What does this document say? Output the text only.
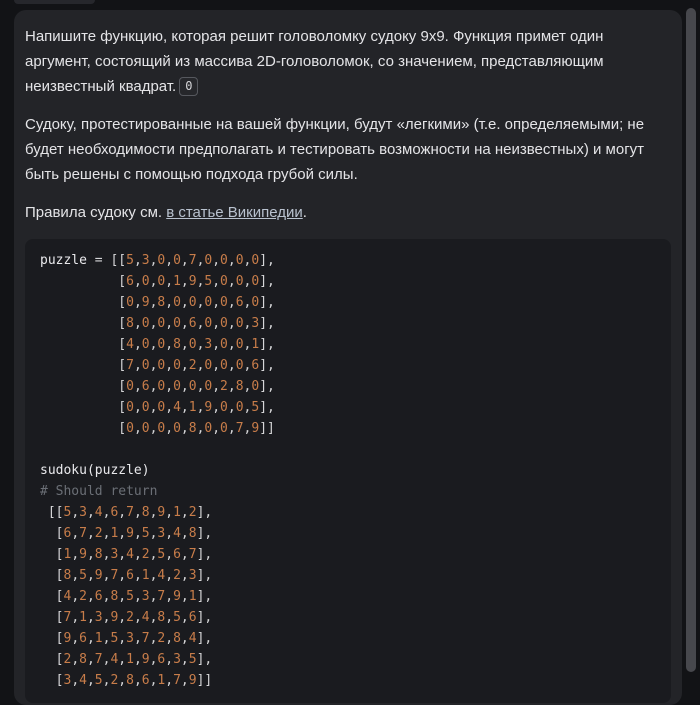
Напишите функцию, которая решит головоломку судоку 9x9. Функция примет один аргумент, состоящий из массива 2D-головоломок, со значением, представляющим неизвестный квадрат. 0

Судоку, протестированные на вашей функции, будут «легкими» (т.е. определяемыми; не будет необходимости предполагать и тестировать возможности на неизвестных) и могут быть решены с помощью подхода грубой силы.

Правила судоку см. в статье Википедии.

puzzle = [[5,3,0,0,7,0,0,0,0],
[6,0,0,1,9,5,0,0,0],
[0,9,8,0,0,0,0,6,0],
[8,0,0,0,6,0,0,0,3],
[4,0,0,8,0,3,0,0,1],
[7,0,0,0,2,0,0,0,6],
[0,6,0,0,0,0,2,8,0],
[0,0,0,4,1,9,0,0,5],
[0,0,0,0,8,0,0,7,9]]

sudoku(puzzle)
# Should return
[[5,3,4,6,7,8,9,1,2],
[6,7,2,1,9,5,3,4,8],
[1,9,8,3,4,2,5,6,7],
[8,5,9,7,6,1,4,2,3],
[4,2,6,8,5,3,7,9,1],
[7,1,3,9,2,4,8,5,6],
[9,6,1,5,3,7,2,8,4],
[2,8,7,4,1,9,6,3,5],
[3,4,5,2,8,6,1,7,9]]
